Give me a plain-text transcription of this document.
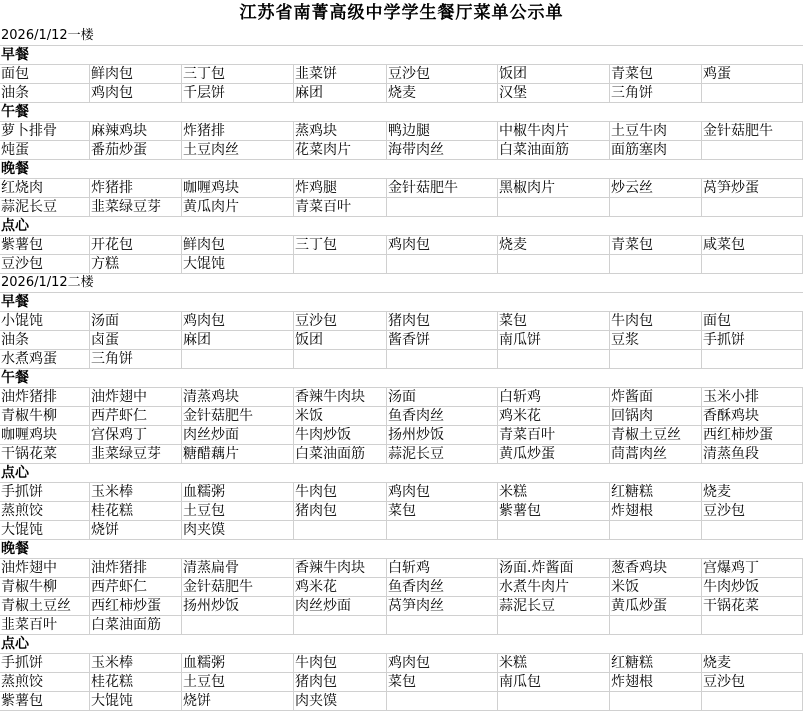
江苏省南菁高级中学学生餐厅菜单公示单
2026/1/12一楼
早餐
面包	鲜肉包	三丁包	韭菜饼	豆沙包	饭团	青菜包	鸡蛋
油条	鸡肉包	千层饼	麻团	烧麦	汉堡	三角饼
午餐
萝卜排骨	麻辣鸡块	炸猪排	蒸鸡块	鸭边腿	中椒牛肉片	土豆牛肉	金针菇肥牛
炖蛋	番茄炒蛋	土豆肉丝	花菜肉片	海带肉丝	白菜油面筋	面筋塞肉
晚餐
红烧肉	炸猪排	咖喱鸡块	炸鸡腿	金针菇肥牛	黑椒肉片	炒云丝	莴笋炒蛋
蒜泥长豆	韭菜绿豆芽	黄瓜肉片	青菜百叶
点心
紫薯包	开花包	鲜肉包	三丁包	鸡肉包	烧麦	青菜包	咸菜包
豆沙包	方糕	大馄饨
2026/1/12二楼
早餐
小馄饨	汤面	鸡肉包	豆沙包	猪肉包	菜包	牛肉包	面包
油条	卤蛋	麻团	饭团	酱香饼	南瓜饼	豆浆	手抓饼
水煮鸡蛋	三角饼
午餐
油炸猪排	油炸翅中	清蒸鸡块	香辣牛肉块	汤面	白斩鸡	炸酱面	玉米小排
青椒牛柳	西芹虾仁	金针菇肥牛	米饭	鱼香肉丝	鸡米花	回锅肉	香酥鸡块
咖喱鸡块	宫保鸡丁	肉丝炒面	牛肉炒饭	扬州炒饭	青菜百叶	青椒土豆丝	西红柿炒蛋
干锅花菜	韭菜绿豆芽	糖醋藕片	白菜油面筋	蒜泥长豆	黄瓜炒蛋	茼蒿肉丝	清蒸鱼段
点心
手抓饼	玉米棒	血糯粥	牛肉包	鸡肉包	米糕	红糖糕	烧麦
蒸煎饺	桂花糕	土豆包	猪肉包	菜包	紫薯包	炸翅根	豆沙包
大馄饨	烧饼	肉夹馍
晚餐
油炸翅中	油炸猪排	清蒸扁骨	香辣牛肉块	白斩鸡	汤面.炸酱面	葱香鸡块	宫爆鸡丁
青椒牛柳	西芹虾仁	金针菇肥牛	鸡米花	鱼香肉丝	水煮牛肉片	米饭	牛肉炒饭
青椒土豆丝	西红柿炒蛋	扬州炒饭	肉丝炒面	莴笋肉丝	蒜泥长豆	黄瓜炒蛋	干锅花菜
韭菜百叶	白菜油面筋
点心
手抓饼	玉米棒	血糯粥	牛肉包	鸡肉包	米糕	红糖糕	烧麦
蒸煎饺	桂花糕	土豆包	猪肉包	菜包	南瓜包	炸翅根	豆沙包
紫薯包	大馄饨	烧饼	肉夹馍
